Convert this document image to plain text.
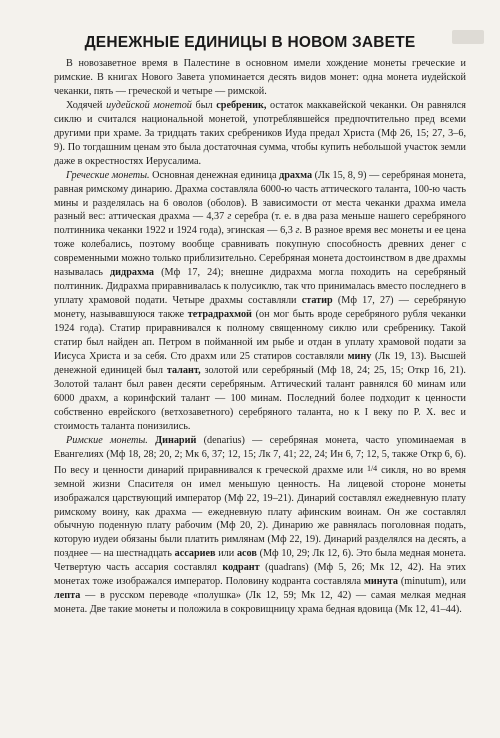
ДЕНЕЖНЫЕ ЕДИНИЦЫ В НОВОМ ЗАВЕТЕ

В новозаветное время в Палестине в основном имели хождение монеты греческие и римские. В книгах Нового Завета упоминается десять видов монет: одна монета иудейской чеканки, пять — греческой и четыре — римской.

Ходячей иудейской монетой был сребреник, остаток маккавейской чеканки. Он равнялся сиклю и считался национальной монетой, употреблявшейся предпочтительно пред всеми другими при храме. За тридцать таких сребреников Иуда предал Христа (Мф 26, 15; 27, 3–6, 9). По тогдашним ценам это была достаточная сумма, чтобы купить небольшой участок земли даже в окрестностях Иерусалима.

Греческие монеты. Основная денежная единица драхма (Лк 15, 8, 9) — серебряная монета, равная римскому динарию. Драхма составляла 6000-ю часть аттического таланта, 100-ю часть мины и разделялась на 6 оволов (оболов). В зависимости от места чеканки драхма имела разный вес: аттическая драхма — 4,37 г серебра (т. е. в два раза меньше нашего серебряного полтинника чеканки 1922 и 1924 года), эгинская — 6,3 г. В разное время вес монеты и ее цена тоже колебались, поэтому вообще сравнивать покупную способность древних денег с современными можно только приблизительно. Серебряная монета достоинством в две драхмы называлась дидрахма (Мф 17, 24); внешне дидрахма могла походить на серебряный полтинник. Дидрахма приравнивалась к полусиклю, так что принималась вместо последнего в уплату храмовой подати. Четыре драхмы составляли статир (Мф 17, 27) — серебряную монету, называвшуюся также тетрадрахмой (он мог быть вроде серебряного рубля чеканки 1924 года). Статир приравнивался к полному священному сиклю или сребренику. Такой статир был найден ап. Петром в пойманной им рыбе и отдан в уплату храмовой подати за Иисуса Христа и за себя. Сто драхм или 25 статиров составляли мину (Лк 19, 13). Высшей денежной единицей был талант, золотой или серебряный (Мф 18, 24; 25, 15; Откр 16, 21). Золотой талант был равен десяти серебряным. Аттический талант равнялся 60 минам или 6000 драхм, а коринфский талант — 100 минам. Последний более подходит к ценности собственно еврейского (ветхозаветного) серебряного таланта, но к I веку по Р. Х. вес и стоимость таланта понизились.

Римские монеты. Динарий (denarius) — серебряная монета, часто упоминаемая в Евангелиях (Мф 18, 28; 20, 2; Мк 6, 37; 12, 15; Лк 7, 41; 22, 24; Ин 6, 7; 12, 5, также Откр 6, 6). По весу и ценности динарий приравнивался к греческой драхме или 1/4 сикля, но во время земной жизни Спасителя он имел меньшую ценность. На лицевой стороне монеты изображался царствующий император (Мф 22, 19–21). Динарий составлял ежедневную плату римскому воину, как драхма — ежедневную плату афинским воинам. Он же составлял обычную поденную плату рабочим (Мф 20, 2). Динарию же равнялась поголовная подать, которую иудеи обязаны были платить римлянам (Мф 22, 19). Динарий разделялся на десять, а позднее — на шестнадцать ассариев или асов (Мф 10, 29; Лк 12, 6). Это была медная монета. Четвертую часть ассария составлял кодрант (quadrans) (Мф 5, 26; Мк 12, 42). На этих монетах тоже изображался император. Половину кодранта составляла минута (minutum), или лепта — в русском переводе «полушка» (Лк 12, 59; Мк 12, 42) — самая мелкая медная монета. Две такие монеты и положила в сокровищницу храма бедная вдовица (Мк 12, 41–44).
